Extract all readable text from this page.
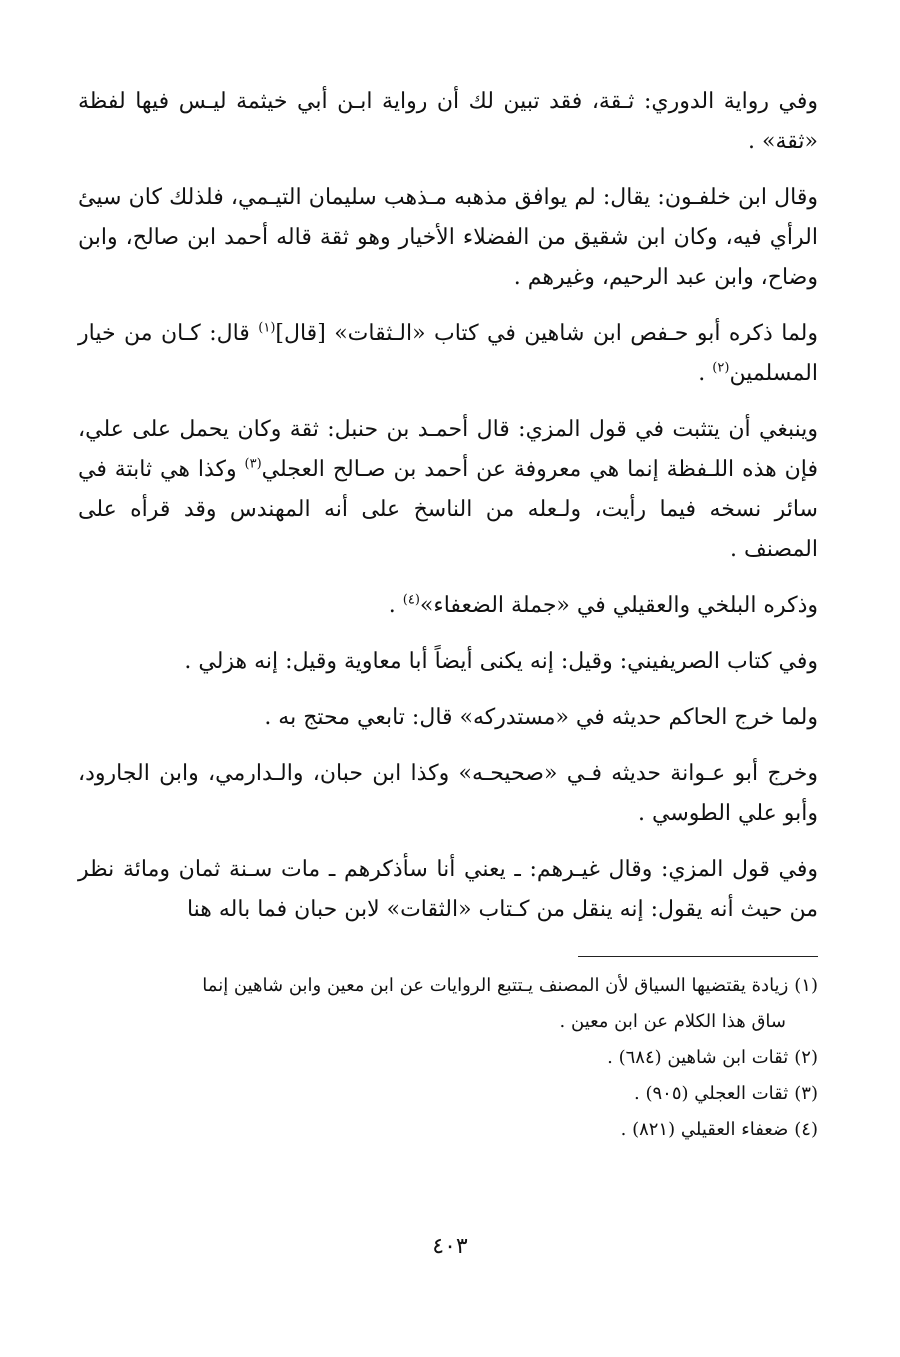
وفي رواية الدوري: ثـقة، فقد تبين لك أن رواية ابـن أبي خيثمة ليـس فيها لفظة «ثقة» .

وقال ابن خلفـون: يقال: لم يوافق مذهبه مـذهب سليمان التيـمي، فلذلك كان سيئ الرأي فيه، وكان ابن شقيق من الفضلاء الأخيار وهو ثقة قاله أحمد ابن صالح، وابن وضاح، وابن عبد الرحيم، وغيرهم .

ولما ذكره أبو حـفص ابن شاهين في كتاب «الـثقات» [قال]$^{(١)}$ قال: كـان من خيار المسلمين$^{(٢)}$ .

وينبغي أن يتثبت في قول المزي: قال أحمـد بن حنبل: ثقة وكان يحمل على علي، فإن هذه اللـفظة إنما هي معروفة عن أحمد بن صـالح العجلي$^{(٣)}$ وكذا هي ثابتة في سائر نسخه فيما رأيت، ولـعله من الناسخ على أنه المهندس وقد قرأه على المصنف .

وذكره البلخي والعقيلي في «جملة الضعفاء»$^{(٤)}$ .

وفي كتاب الصريفيني: وقيل: إنه يكنى أيضاً أبا معاوية وقيل: إنه هزلي .

ولما خرج الحاكم حديثه في «مستدركه» قال: تابعي محتج به .

وخرج أبو عـوانة حديثه فـي «صحيحـه» وكذا ابن حبان، والـدارمي، وابن الجارود، وأبو علي الطوسي .

وفي قول المزي: وقال غيـرهم: ـ يعني أنا سأذكرهم ـ مات سـنة ثمان ومائة نظر من حيث أنه يقول: إنه ينقل من كـتاب «الثقات» لابن حبان فما باله هنا

(١)زيادة يقتضيها السياق لأن المصنف يـتتبع الروايات عن ابن معين وابن شاهين إنما
ساق هذا الكلام عن ابن معين .

(٢)ثقات ابن شاهين (٦٨٤) .

(٣)ثقات العجلي (٩٠٥) .

(٤)ضعفاء العقيلي (٨٢١) .

٤٠٣
